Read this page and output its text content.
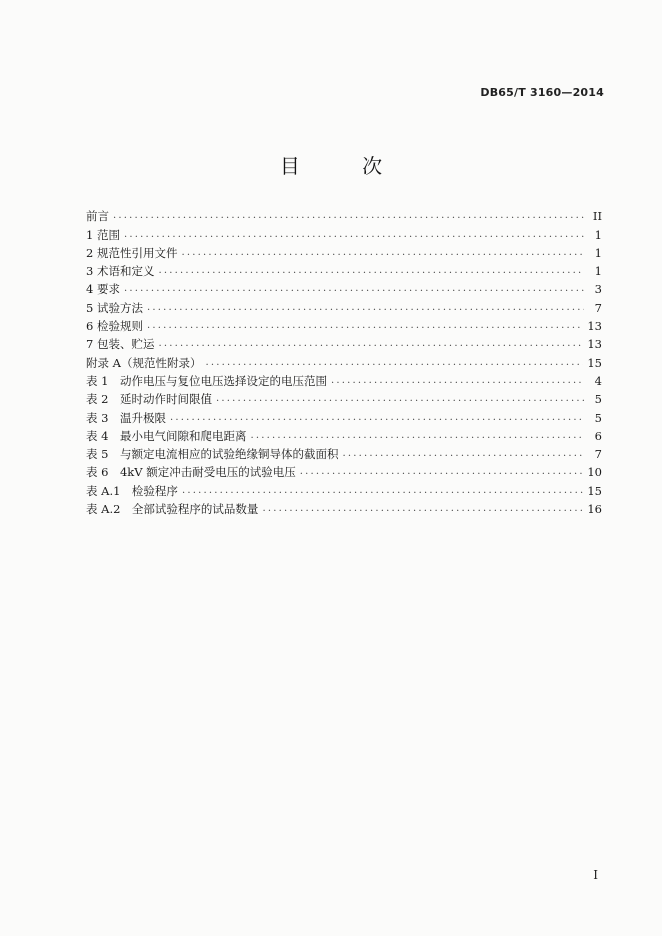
DB65/T 3160—2014
目 次
前言 .....	II
1 范围 .....	1
2 规范性引用文件 .....	1
3 术语和定义 .....	1
4 要求 .....	3
5 试验方法 .....	7
6 检验规则 .....	13
7 包装、贮运 .....	13
附录 A（规范性附录） .....	15
表 1　动作电压与复位电压选择设定的电压范围 .....	4
表 2　延时动作时间限值 .....	5
表 3　温升极限 .....	5
表 4　最小电气间隙和爬电距离 .....	6
表 5　与额定电流相应的试验绝缘铜导体的截面积 .....	7
表 6　4kV 额定冲击耐受电压的试验电压 .....	10
表 A.1　检验程序 .....	15
表 A.2　全部试验程序的试品数量 .....	16
I
